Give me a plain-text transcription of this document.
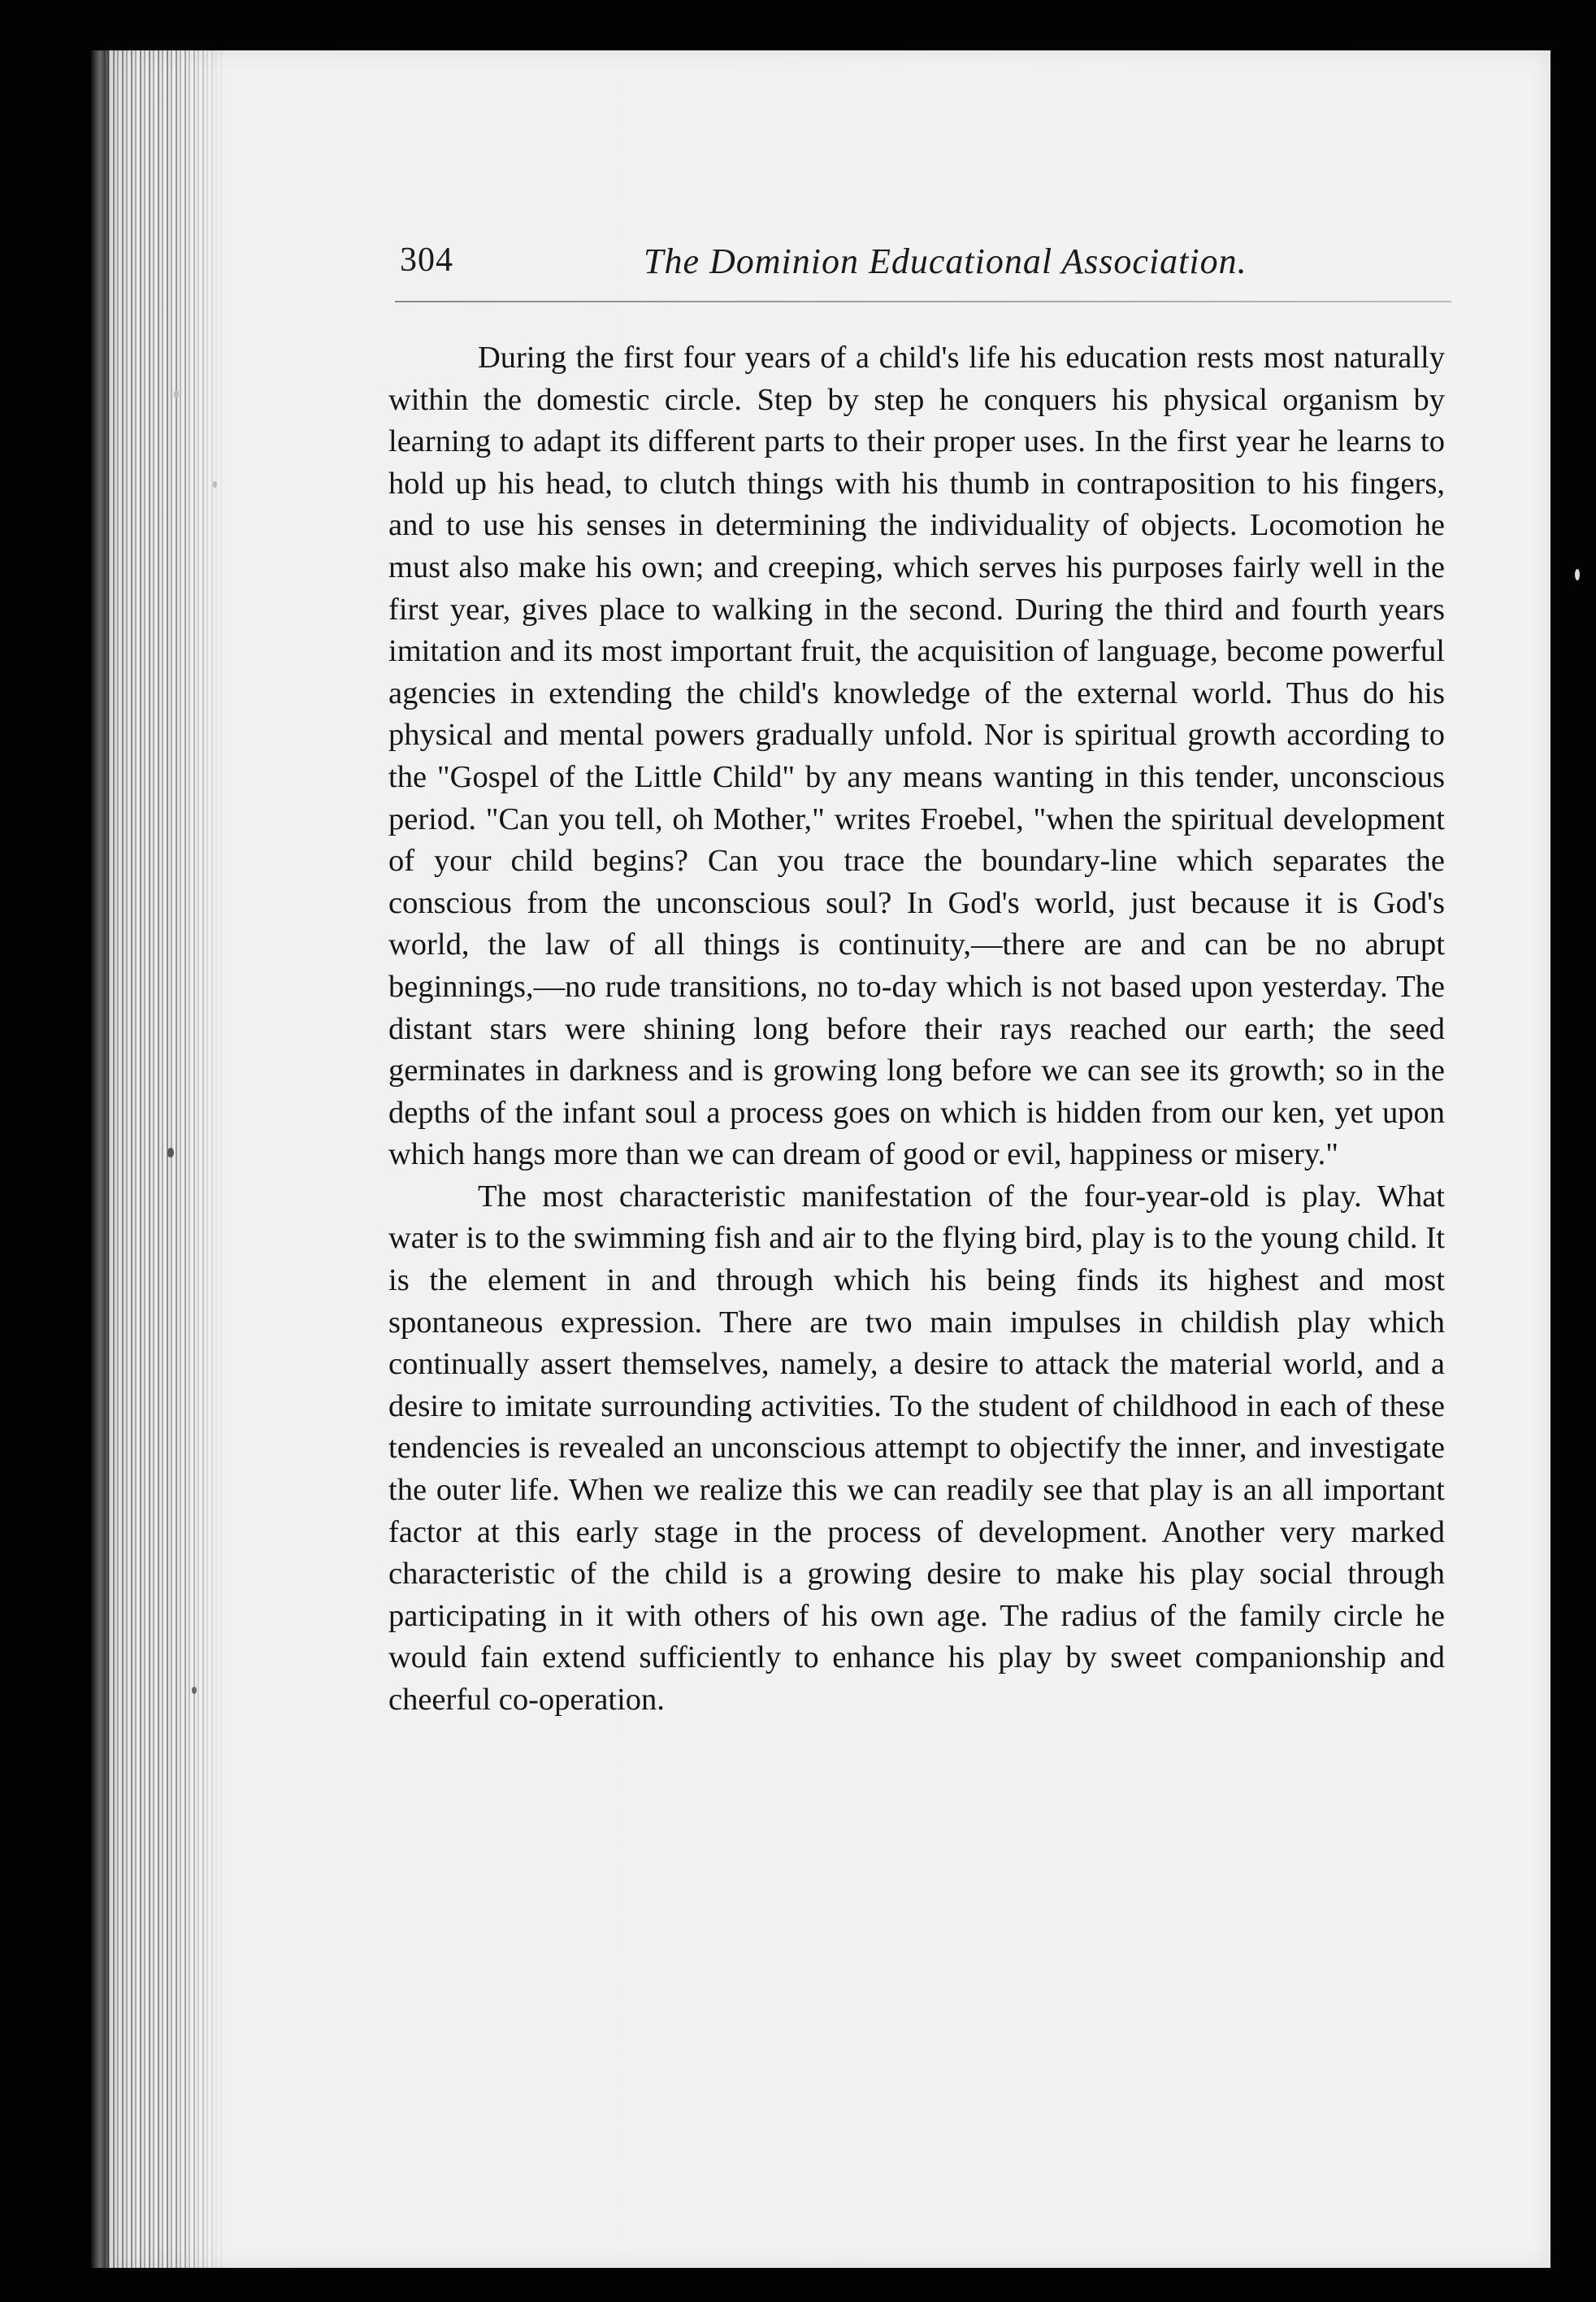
304	The Dominion Educational Association.

During the first four years of a child's life his education rests most naturally within the domestic circle. Step by step he conquers his physical organism by learning to adapt its different parts to their proper uses. In the first year he learns to hold up his head, to clutch things with his thumb in contraposition to his fingers, and to use his senses in determining the individuality of objects. Locomotion he must also make his own; and creeping, which serves his purposes fairly well in the first year, gives place to walking in the second. During the third and fourth years imitation and its most important fruit, the acquisition of language, become powerful agencies in extending the child's knowledge of the external world. Thus do his physical and mental powers gradually unfold. Nor is spiritual growth according to the "Gospel of the Little Child" by any means wanting in this tender, unconscious period. "Can you tell, oh Mother," writes Froebel, "when the spiritual development of your child begins? Can you trace the boundary-line which separates the conscious from the unconscious soul? In God's world, just because it is God's world, the law of all things is continuity,—there are and can be no abrupt beginnings,—no rude transitions, no to-day which is not based upon yesterday. The distant stars were shining long before their rays reached our earth; the seed germinates in darkness and is growing long before we can see its growth; so in the depths of the infant soul a process goes on which is hidden from our ken, yet upon which hangs more than we can dream of good or evil, happiness or misery."

The most characteristic manifestation of the four-year-old is play. What water is to the swimming fish and air to the flying bird, play is to the young child. It is the element in and through which his being finds its highest and most spontaneous expression. There are two main impulses in childish play which continually assert themselves, namely, a desire to attack the material world, and a desire to imitate surrounding activities. To the student of childhood in each of these tendencies is revealed an unconscious attempt to objectify the inner, and investigate the outer life. When we realize this we can readily see that play is an all important factor at this early stage in the process of development. Another very marked characteristic of the child is a growing desire to make his play social through participating in it with others of his own age. The radius of the family circle he would fain extend sufficiently to enhance his play by sweet companionship and cheerful co-operation.
